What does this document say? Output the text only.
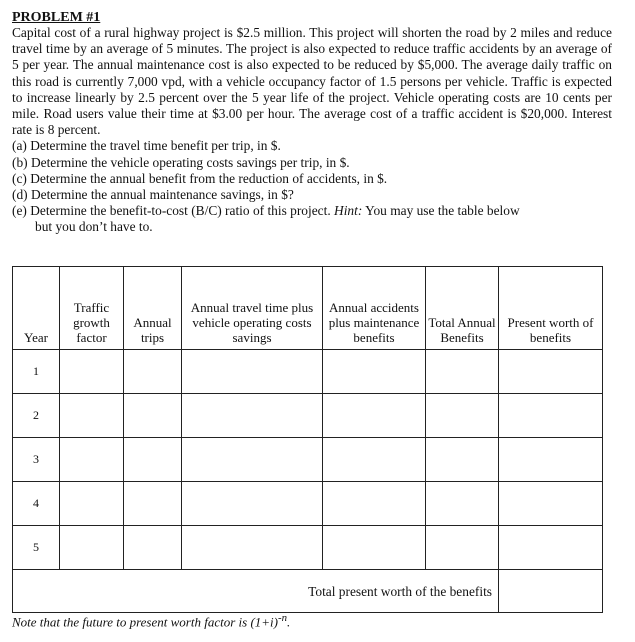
PROBLEM #1

Capital cost of a rural highway project is $2.5 million. This project will shorten the road by 2 miles and reduce travel time by an average of 5 minutes. The project is also expected to reduce traffic accidents by an average of 5 per year. The annual maintenance cost is also expected to be reduced by $5,000. The average daily traffic on this road is currently 7,000 vpd, with a vehicle occupancy factor of 1.5 persons per vehicle. Traffic is expected to increase linearly by 2.5 percent over the 5 year life of the project. Vehicle operating costs are 10 cents per mile. Road users value their time at $3.00 per hour. The average cost of a traffic accident is $20,000. Interest rate is 8 percent.

(a) Determine the travel time benefit per trip, in $.
(b) Determine the vehicle operating costs savings per trip, in $.
(c) Determine the annual benefit from the reduction of accidents, in $.
(d) Determine the annual maintenance savings, in $?
(e) Determine the benefit-to-cost (B/C) ratio of this project. Hint: You may use the table below
but you don’t have to.
Year	Traffic growth factor	Annual trips	Annual travel time plus vehicle operating costs savings	Annual accidents plus maintenance benefits	Total Annual Benefits	Present worth of benefits
1						
2						
3						
4						
5						
Total present worth of the benefits						

Note that the future to present worth factor is $(1+i)^{-n}$.
